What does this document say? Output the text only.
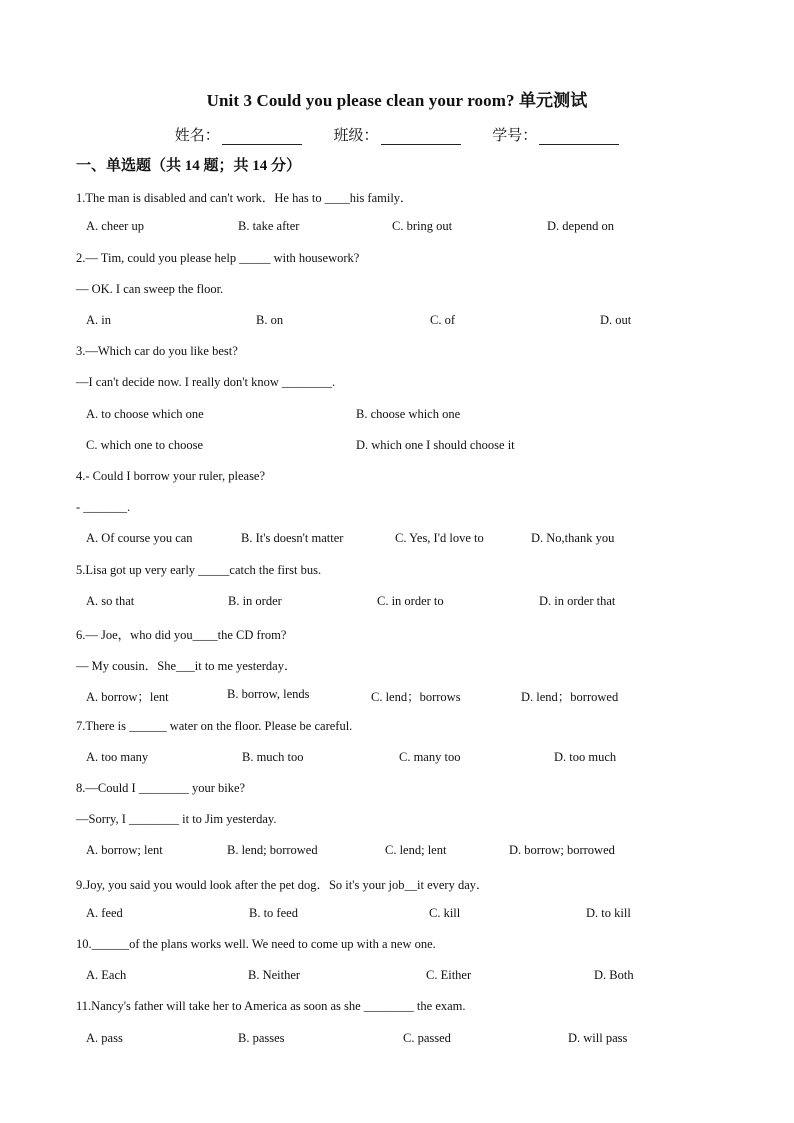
Unit 3 Could you please clean your room? 单元测试
姓名：	班级：	学号：
一、单选题（共 14 题；共 14 分）
1.The man is disabled and can't work．He has to ____his family．
A. cheer up	B. take after	C. bring out	D. depend on
2.— Tim, could you please help _____ with housework?
— OK. I can sweep the floor.
A. in	B. on	C. of	D. out
3.—Which car do you like best?
—I can't decide now. I really don't know ________.
A. to choose which one	B. choose which one
C. which one to choose	D. which one I should choose it
4.- Could I borrow your ruler, please?
- _______.
A. Of course you can	B. It's doesn't matter	C. Yes, I'd love to	D. No,thank you
5.Lisa got up very early _____catch the first bus.
A. so that	B. in order	C. in order to	D. in order that
6.— Joe，who did you____the CD from?
— My cousin．She___it to me yesterday．
A. borrow；lent	B. borrow, lends	C. lend；borrows	D. lend；borrowed
7.There is ______ water on the floor. Please be careful.
A. too many	B. much too	C. many too	D. too much
8.—Could I ________ your bike?
—Sorry, I ________ it to Jim yesterday.
A. borrow; lent	B. lend; borrowed	C. lend; lent	D. borrow; borrowed
9.Joy, you said you would look after the pet dog．So it's your job__it every day．
A. feed	B. to feed	C. kill	D. to kill
10.______of the plans works well. We need to come up with a new one.
A. Each	B. Neither	C. Either	D. Both
11.Nancy's father will take her to America as soon as she ________ the exam.
A. pass	B. passes	C. passed	D. will pass
